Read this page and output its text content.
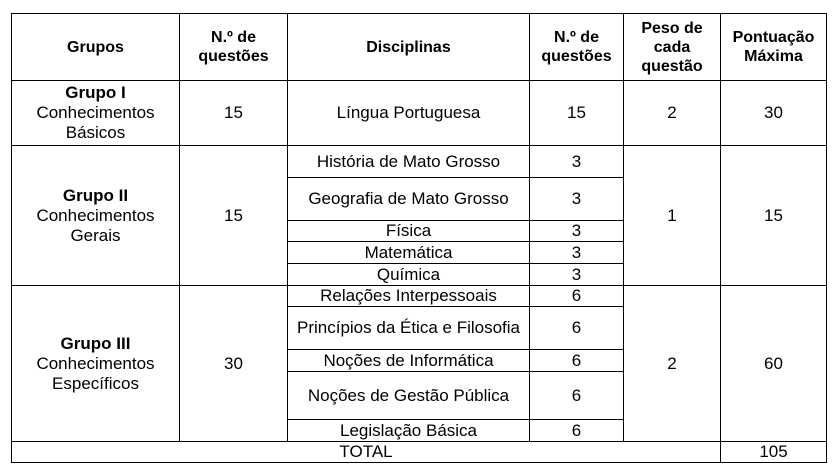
Grupos	N.º de questões	Disciplinas	N.º de questões	Peso de cada questão	Pontuação Máxima

Grupo I
Conhecimentos Básicos	15	Língua Portuguesa	15	2	30

Grupo II
Conhecimentos Gerais	15	História de Mato Grosso	3	1	15
		Geografia de Mato Grosso	3		
		Física	3		
		Matemática	3		
		Química	3		

Grupo III
Conhecimentos Específicos	30	Relações Interpessoais	6	2	60
		Princípios da Ética e Filosofia	6		
		Noções de Informática	6		
		Noções de Gestão Pública	6		
		Legislação Básica	6		
TOTAL					105
